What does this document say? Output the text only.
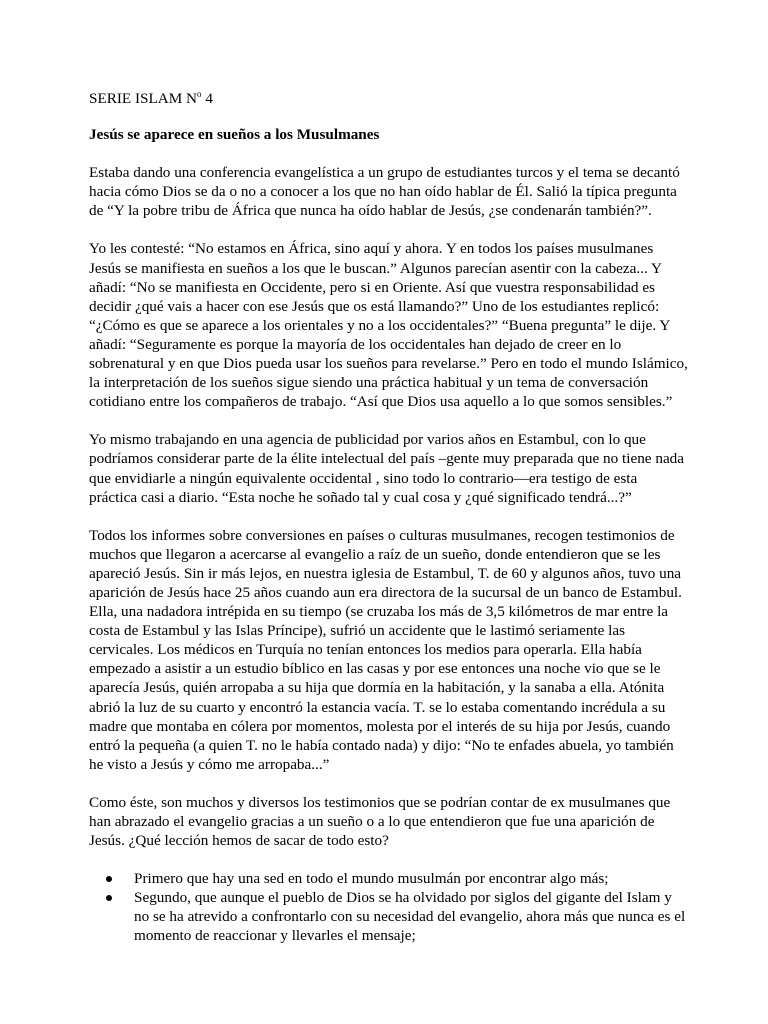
SERIE ISLAM $N^o$ 4
Jesús se aparece en sueños a los Musulmanes

Estaba dando una conferencia evangelística a un grupo de estudiantes turcos y el tema se decantó hacia cómo Dios se da o no a conocer a los que no han oído hablar de Él. Salió la típica pregunta de “Y la pobre tribu de África que nunca ha oído hablar de Jesús, ¿se condenarán también?”.

Yo les contesté: “No estamos en África, sino aquí y ahora. Y en todos los países musulmanes Jesús se manifiesta en sueños a los que le buscan.” Algunos parecían asentir con la cabeza... Y añadí: “No se manifiesta en Occidente, pero si en Oriente. Así que vuestra responsabilidad es decidir ¿qué vais a hacer con ese Jesús que os está llamando?” Uno de los estudiantes replicó: “¿Cómo es que se aparece a los orientales y no a los occidentales?” “Buena pregunta” le dije. Y añadí: “Seguramente es porque la mayoría de los occidentales han dejado de creer en lo sobrenatural y en que Dios pueda usar los sueños para revelarse.” Pero en todo el mundo Islámico, la interpretación de los sueños sigue siendo una práctica habitual y un tema de conversación cotidiano entre los compañeros de trabajo. “Así que Dios usa aquello a lo que somos sensibles.”

Yo mismo trabajando en una agencia de publicidad por varios años en Estambul, con lo que podríamos considerar parte de la élite intelectual del país –gente muy preparada que no tiene nada que envidiarle a ningún equivalente occidental , sino todo lo contrario—era testigo de esta práctica casi a diario. “Esta noche he soñado tal y cual cosa y ¿qué significado tendrá...?”

Todos los informes sobre conversiones en países o culturas musulmanes, recogen testimonios de muchos que llegaron a acercarse al evangelio a raíz de un sueño, donde entendieron que se les apareció Jesús. Sin ir más lejos, en nuestra iglesia de Estambul, T. de 60 y algunos años, tuvo una aparición de Jesús hace 25 años cuando aun era directora de la sucursal de un banco de Estambul. Ella, una nadadora intrépida en su tiempo (se cruzaba los más de 3,5 kilómetros de mar entre la costa de Estambul y las Islas Príncipe), sufrió un accidente que le lastimó seriamente las cervicales. Los médicos en Turquía no tenían entonces los medios para operarla. Ella había empezado a asistir a un estudio bíblico en las casas y por ese entonces una noche vio que se le aparecía Jesús, quién arropaba a su hija que dormía en la habitación, y la sanaba a ella. Atónita abrió la luz de su cuarto y encontró la estancia vacía. T. se lo estaba comentando incrédula a su madre que montaba en cólera por momentos, molesta por el interés de su hija por Jesús, cuando entró la pequeña (a quien T. no le había contado nada) y dijo: “No te enfades abuela, yo también he visto a Jesús y cómo me arropaba...”

Como éste, son muchos y diversos los testimonios que se podrían contar de ex musulmanes que han abrazado el evangelio gracias a un sueño o a lo que entendieron que fue una aparición de Jesús. ¿Qué lección hemos de sacar de todo esto?

Primero que hay una sed en todo el mundo musulmán por encontrar algo más;
Segundo, que aunque el pueblo de Dios se ha olvidado por siglos del gigante del Islam y no se ha atrevido a confrontarlo con su necesidad del evangelio, ahora más que nunca es el momento de reaccionar y llevarles el mensaje;
